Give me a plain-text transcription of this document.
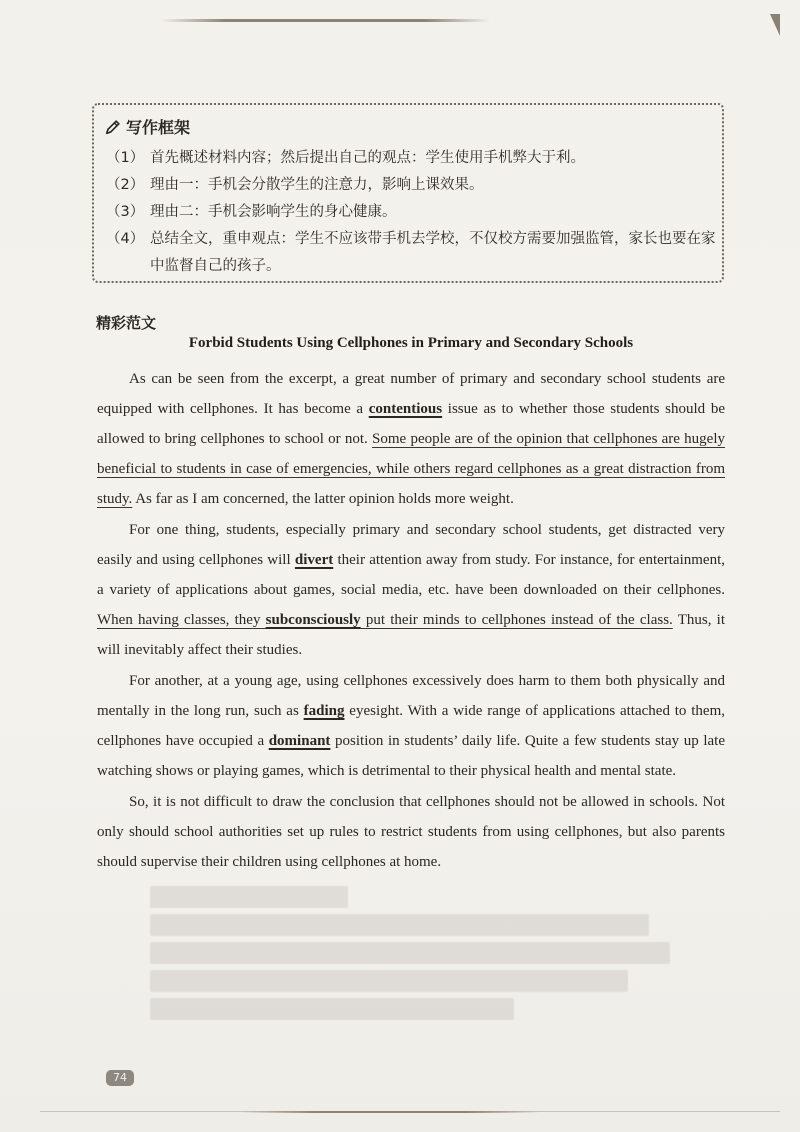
写作框架
（1） 首先概述材料内容；然后提出自己的观点：学生使用手机弊大于利。
（2） 理由一：手机会分散学生的注意力，影响上课效果。
（3） 理由二：手机会影响学生的身心健康。
（4） 总结全文，重申观点：学生不应该带手机去学校，不仅校方需要加强监管，家长也要在家中监督自己的孩子。
精彩范文
Forbid Students Using Cellphones in Primary and Secondary Schools

As can be seen from the excerpt, a great number of primary and secondary school students are equipped with cellphones. It has become a contentious issue as to whether those students should be allowed to bring cellphones to school or not. Some people are of the opinion that cellphones are hugely beneficial to students in case of emergencies, while others regard cellphones as a great distraction from study. As far as I am concerned, the latter opinion holds more weight.

For one thing, students, especially primary and secondary school students, get distracted very easily and using cellphones will divert their attention away from study. For instance, for entertainment, a variety of applications about games, social media, etc. have been downloaded on their cellphones. When having classes, they subconsciously put their minds to cellphones instead of the class. Thus, it will inevitably affect their studies.

For another, at a young age, using cellphones excessively does harm to them both physically and mentally in the long run, such as fading eyesight. With a wide range of applications attached to them, cellphones have occupied a dominant position in students’ daily life. Quite a few students stay up late watching shows or playing games, which is detrimental to their physical health and mental state.

So, it is not difficult to draw the conclusion that cellphones should not be allowed in schools. Not only should school authorities set up rules to restrict students from using cellphones, but also parents should supervise their children using cellphones at home.

74
